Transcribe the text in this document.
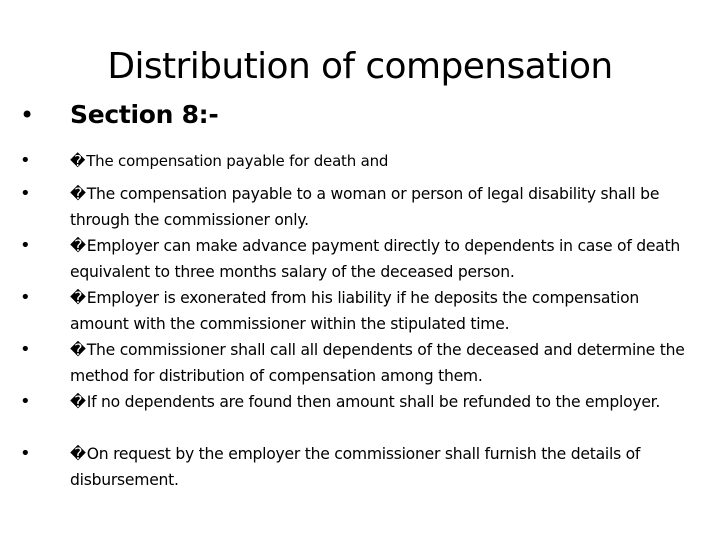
Distribution of compensation
• Section 8:-
•	�The compensation payable for death and
•	�The compensation payable to a woman or person of legal disability shall be through the commissioner only.
•	�Employer can make advance payment directly to dependents in case of death equivalent to three months salary of the deceased person.
•	�Employer is exonerated from his liability if he deposits the compensation amount with the commissioner within the stipulated time.
•	�The commissioner shall call all dependents of the deceased and determine the method for distribution of compensation among them.
•	�If no dependents are found then amount shall be refunded to the employer.
•	�On request by the employer the commissioner shall furnish the details of disbursement.
